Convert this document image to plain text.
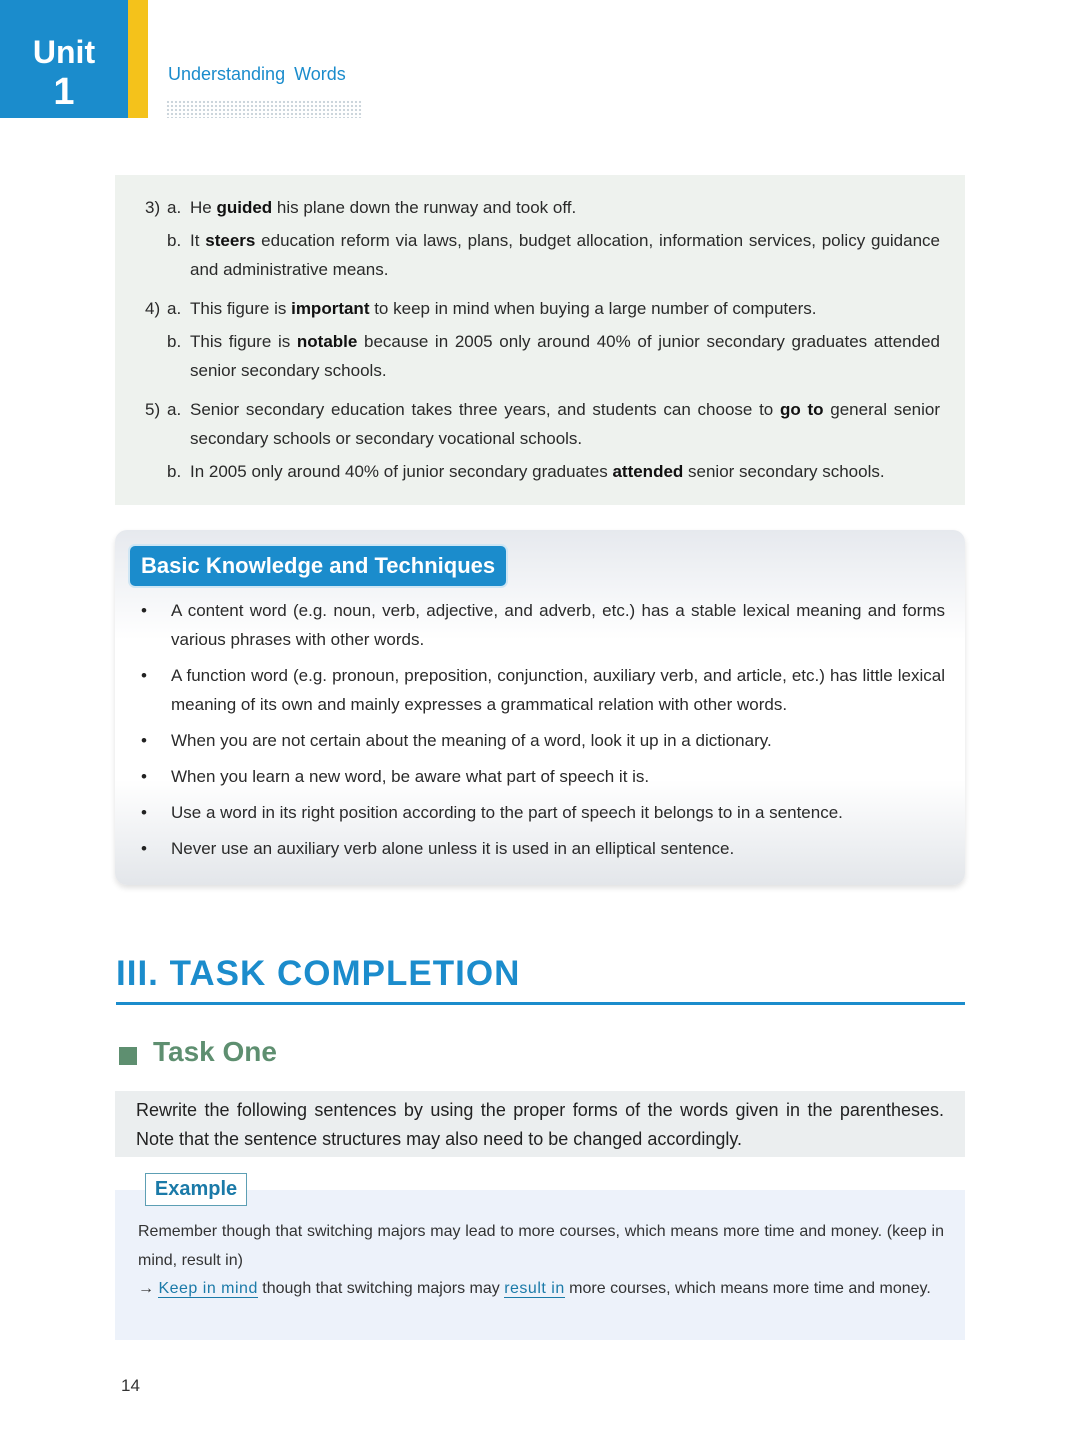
Unit
1	Understanding Words
3) a. He guided his plane down the runway and took off.
b. It steers education reform via laws, plans, budget allocation, information services, policy guidance and administrative means.
4) a. This figure is important to keep in mind when buying a large number of computers.
b. This figure is notable because in 2005 only around 40% of junior secondary graduates attended senior secondary schools.
5) a. Senior secondary education takes three years, and students can choose to go to general senior secondary schools or secondary vocational schools.
b. In 2005 only around 40% of junior secondary graduates attended senior secondary schools.
Basic Knowledge and Techniques
• A content word (e.g. noun, verb, adjective, and adverb, etc.) has a stable lexical meaning and forms various phrases with other words.
• A function word (e.g. pronoun, preposition, conjunction, auxiliary verb, and article, etc.) has little lexical meaning of its own and mainly expresses a grammatical relation with other words.
• When you are not certain about the meaning of a word, look it up in a dictionary.
• When you learn a new word, be aware what part of speech it is.
• Use a word in its right position according to the part of speech it belongs to in a sentence.
• Never use an auxiliary verb alone unless it is used in an elliptical sentence.
III. TASK COMPLETION
Task One
Rewrite the following sentences by using the proper forms of the words given in the parentheses. Note that the sentence structures may also need to be changed accordingly.
Example
Remember though that switching majors may lead to more courses, which means more time and money. (keep in mind, result in)
→ Keep in mind though that switching majors may result in more courses, which means more time and money.
14
